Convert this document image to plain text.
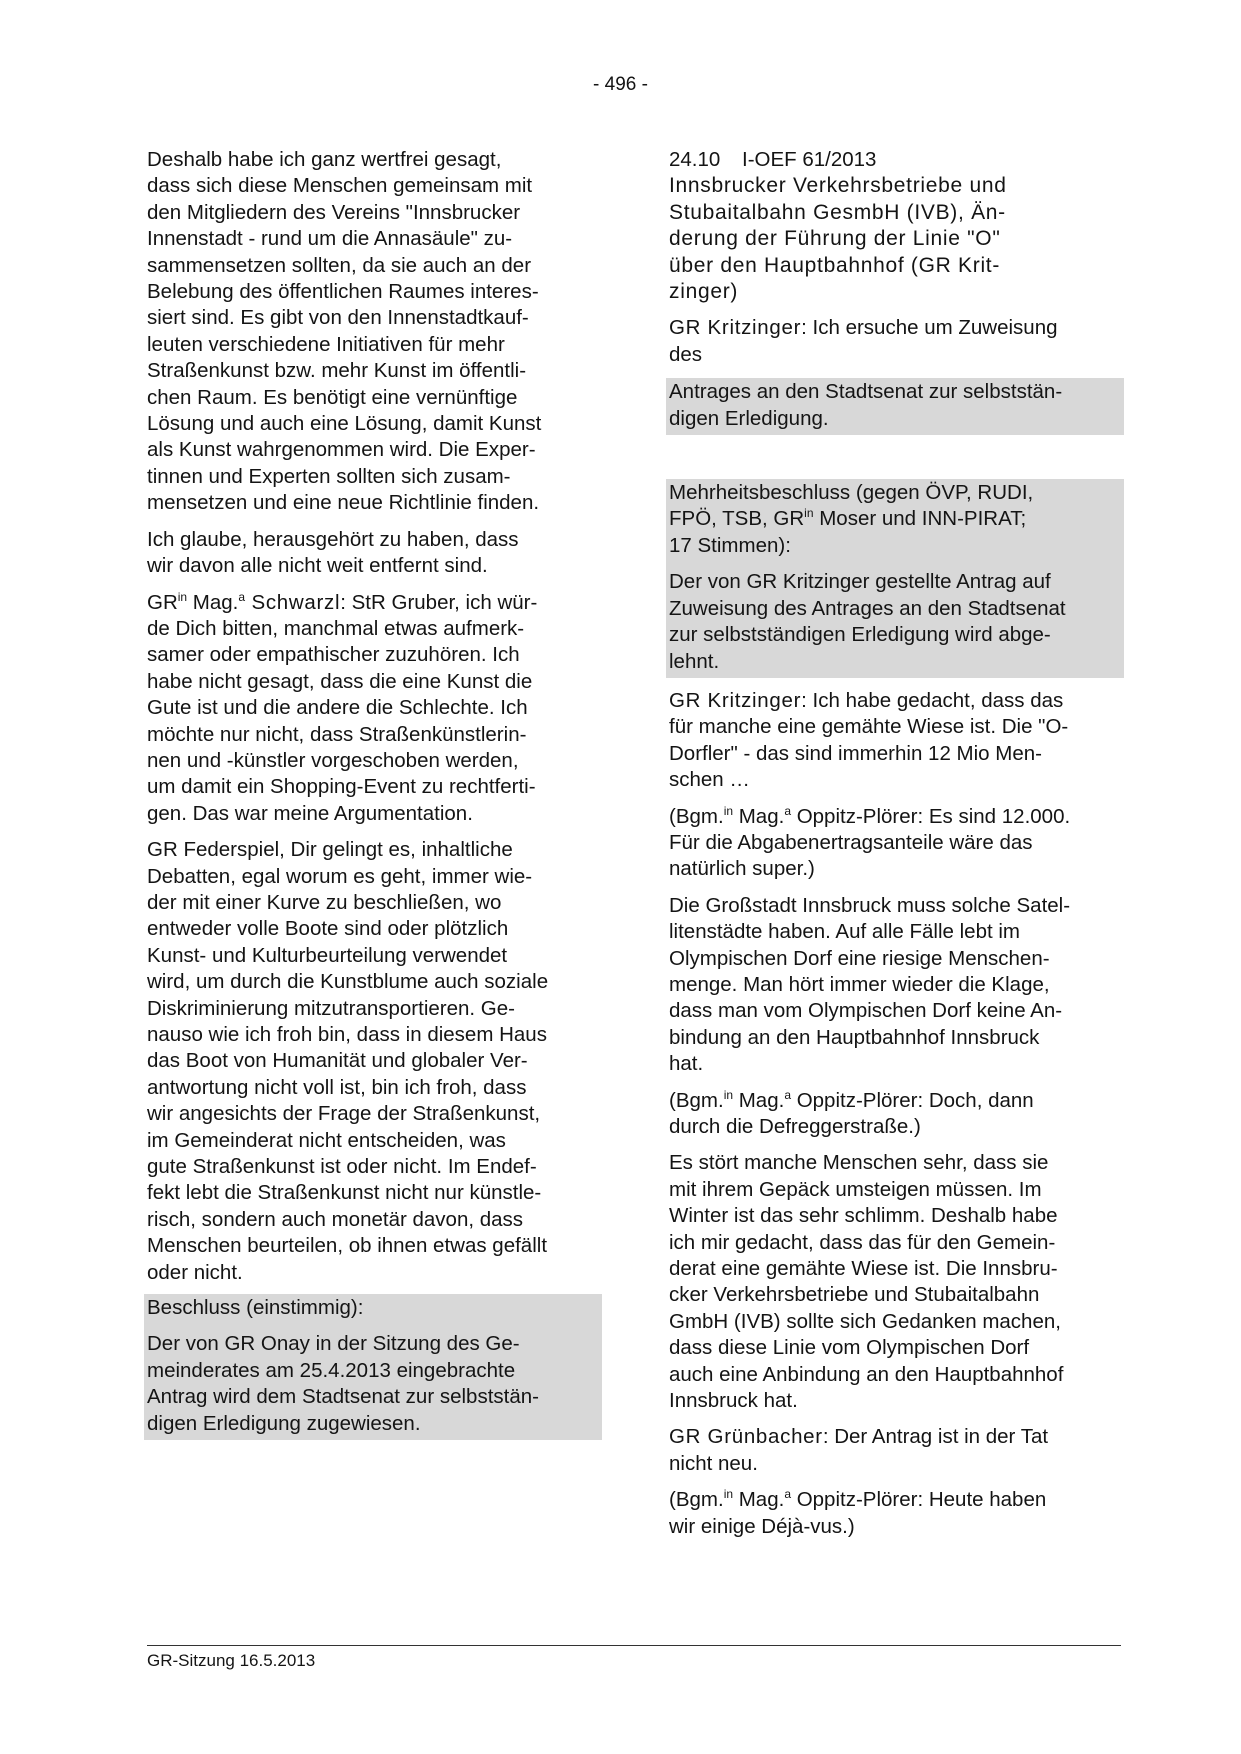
- 496 -

Deshalb habe ich ganz wertfrei gesagt,
dass sich diese Menschen gemeinsam mit
den Mitgliedern des Vereins "Innsbrucker
Innenstadt - rund um die Annasäule" zu-
sammensetzen sollten, da sie auch an der
Belebung des öffentlichen Raumes interes-
siert sind. Es gibt von den Innenstadtkauf-
leuten verschiedene Initiativen für mehr
Straßenkunst bzw. mehr Kunst im öffentli-
chen Raum. Es benötigt eine vernünftige
Lösung und auch eine Lösung, damit Kunst
als Kunst wahrgenommen wird. Die Exper-
tinnen und Experten sollten sich zusam-
mensetzen und eine neue Richtlinie finden.

Ich glaube, herausgehört zu haben, dass
wir davon alle nicht weit entfernt sind.

$GR^{in}$ Mag.$^a$ Schwarzl: StR Gruber, ich wür-
de Dich bitten, manchmal etwas aufmerk-
samer oder empathischer zuzuhören. Ich
habe nicht gesagt, dass die eine Kunst die
Gute ist und die andere die Schlechte. Ich
möchte nur nicht, dass Straßenkünstlerin-
nen und -künstler vorgeschoben werden,
um damit ein Shopping-Event zu rechtferti-
gen. Das war meine Argumentation.

GR Federspiel, Dir gelingt es, inhaltliche
Debatten, egal worum es geht, immer wie-
der mit einer Kurve zu beschließen, wo
entweder volle Boote sind oder plötzlich
Kunst- und Kulturbeurteilung verwendet
wird, um durch die Kunstblume auch soziale
Diskriminierung mitzutransportieren. Ge-
nauso wie ich froh bin, dass in diesem Haus
das Boot von Humanität und globaler Ver-
antwortung nicht voll ist, bin ich froh, dass
wir angesichts der Frage der Straßenkunst,
im Gemeinderat nicht entscheiden, was
gute Straßenkunst ist oder nicht. Im Endef-
fekt lebt die Straßenkunst nicht nur künstle-
risch, sondern auch monetär davon, dass
Menschen beurteilen, ob ihnen etwas gefällt
oder nicht.

Beschluss (einstimmig):

Der von GR Onay in der Sitzung des Ge-
meinderates am 25.4.2013 eingebrachte
Antrag wird dem Stadtsenat zur selbststän-
digen Erledigung zugewiesen.

24.10	I-OEF 61/2013

Innsbrucker Verkehrsbetriebe und
Stubaitalbahn GesmbH (IVB), Än-
derung der Führung der Linie "O"
über den Hauptbahnhof (GR Krit-
zinger)

GR Kritzinger: Ich ersuche um Zuweisung
des

Antrages an den Stadtsenat zur selbststän-
digen Erledigung.

Mehrheitsbeschluss (gegen ÖVP, RUDI,
FPÖ, TSB, $GR^{in}$ Moser und INN-PIRAT;
17 Stimmen):

Der von GR Kritzinger gestellte Antrag auf
Zuweisung des Antrages an den Stadtsenat
zur selbstständigen Erledigung wird abge-
lehnt.

GR Kritzinger: Ich habe gedacht, dass das
für manche eine gemähte Wiese ist. Die "O-
Dorfler" - das sind immerhin 12 Mio Men-
schen …

(Bgm.$^{in}$ Mag.$^a$ Oppitz-Plörer: Es sind 12.000.
Für die Abgabenertragsanteile wäre das
natürlich super.)

Die Großstadt Innsbruck muss solche Satel-
litenstädte haben. Auf alle Fälle lebt im
Olympischen Dorf eine riesige Menschen-
menge. Man hört immer wieder die Klage,
dass man vom Olympischen Dorf keine An-
bindung an den Hauptbahnhof Innsbruck
hat.

(Bgm.$^{in}$ Mag.$^a$ Oppitz-Plörer: Doch, dann
durch die Defreggerstraße.)

Es stört manche Menschen sehr, dass sie
mit ihrem Gepäck umsteigen müssen. Im
Winter ist das sehr schlimm. Deshalb habe
ich mir gedacht, dass das für den Gemein-
derat eine gemähte Wiese ist. Die Innsbru-
cker Verkehrsbetriebe und Stubaitalbahn
GmbH (IVB) sollte sich Gedanken machen,
dass diese Linie vom Olympischen Dorf
auch eine Anbindung an den Hauptbahnhof
Innsbruck hat.

GR Grünbacher: Der Antrag ist in der Tat
nicht neu.

(Bgm.$^{in}$ Mag.$^a$ Oppitz-Plörer: Heute haben
wir einige Déjà-vus.)

GR-Sitzung 16.5.2013
